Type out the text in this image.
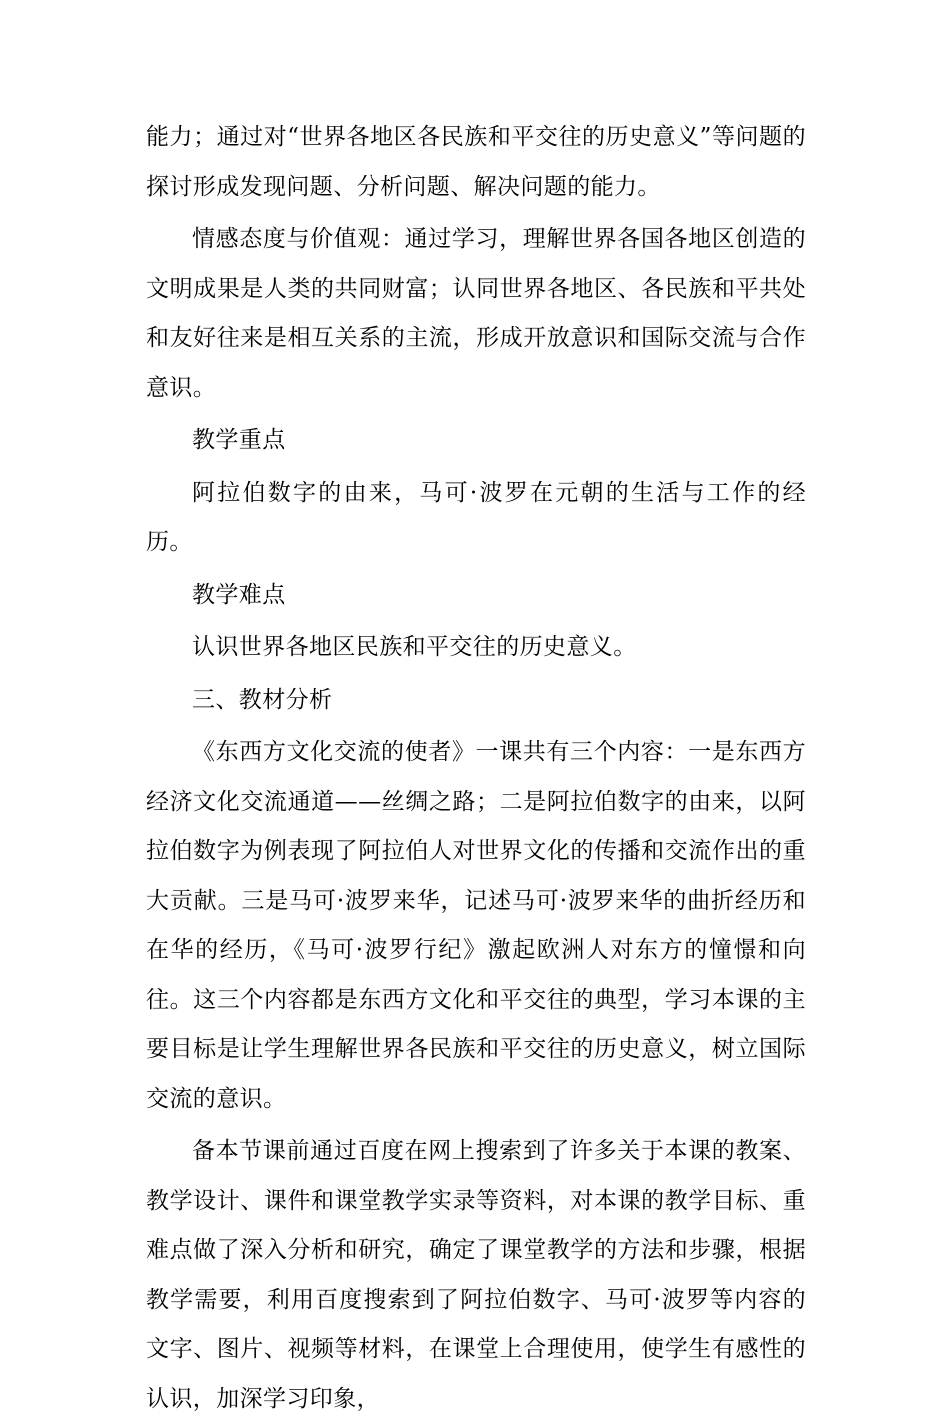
能力；通过对“世界各地区各民族和平交往的历史意义”等问题的探讨形成发现问题、分析问题、解决问题的能力。

情感态度与价值观：通过学习，理解世界各国各地区创造的文明成果是人类的共同财富；认同世界各地区、各民族和平共处和友好往来是相互关系的主流，形成开放意识和国际交流与合作意识。

教学重点

阿拉伯数字的由来，马可·波罗在元朝的生活与工作的经历。

教学难点

认识世界各地区民族和平交往的历史意义。

三、教材分析

《东西方文化交流的使者》一课共有三个内容：一是东西方经济文化交流通道——丝绸之路；二是阿拉伯数字的由来，以阿拉伯数字为例表现了阿拉伯人对世界文化的传播和交流作出的重大贡献。三是马可·波罗来华，记述马可·波罗来华的曲折经历和在华的经历，《马可·波罗行纪》激起欧洲人对东方的憧憬和向往。这三个内容都是东西方文化和平交往的典型，学习本课的主要目标是让学生理解世界各民族和平交往的历史意义，树立国际交流的意识。

备本节课前通过百度在网上搜索到了许多关于本课的教案、教学设计、课件和课堂教学实录等资料，对本课的教学目标、重难点做了深入分析和研究，确定了课堂教学的方法和步骤，根据教学需要，利用百度搜索到了阿拉伯数字、马可·波罗等内容的文字、图片、视频等材料，在课堂上合理使用，使学生有感性的认识，加深学习印象，
